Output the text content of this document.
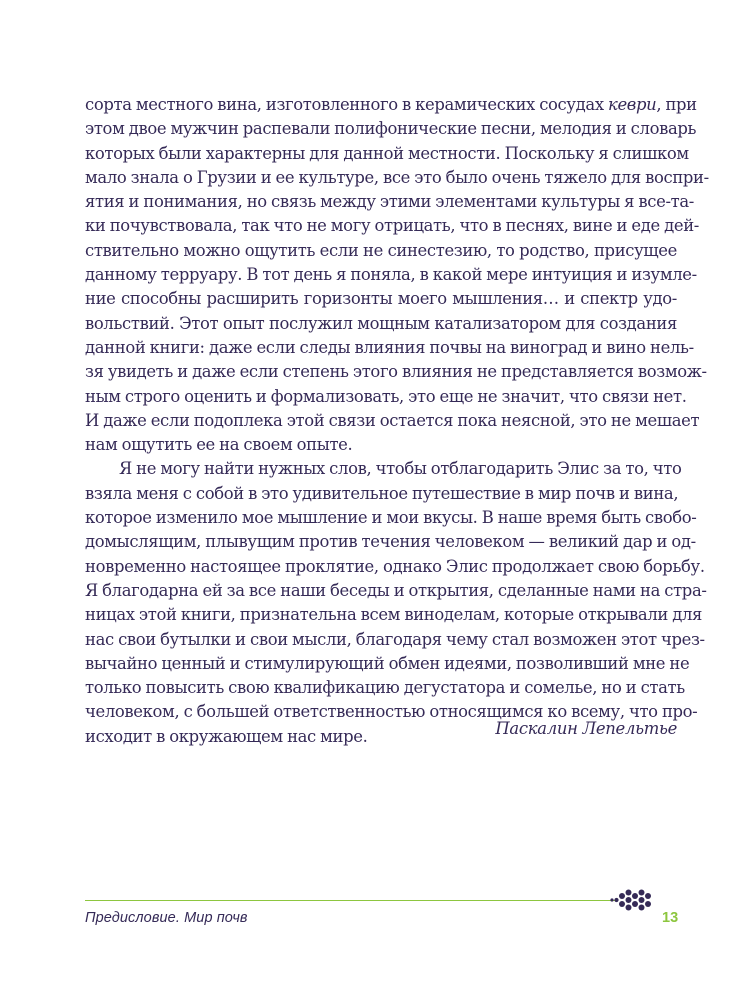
сорта местного вина, изготовленного в керамических сосудах кеври, при
этом двое мужчин распевали полифонические песни, мелодия и словарь
которых были характерны для данной местности. Поскольку я слишком
мало знала о Грузии и ее культуре, все это было очень тяжело для воспри-
ятия и понимания, но связь между этими элементами культуры я все-та-
ки почувствовала, так что не могу отрицать, что в песнях, вине и еде дей-
ствительно можно ощутить если не синестезию, то родство, присущее
данному терруару. В тот день я поняла, в какой мере интуиция и изумле-
ние способны расширить горизонты моего мышления… и спектр удо-
вольствий. Этот опыт послужил мощным катализатором для создания
данной книги: даже если следы влияния почвы на виноград и вино нель-
зя увидеть и даже если степень этого влияния не представляется возмож-
ным строго оценить и формализовать, это еще не значит, что связи нет.
И даже если подоплека этой связи остается пока неясной, это не мешает
нам ощутить ее на своем опыте.
Я не могу найти нужных слов, чтобы отблагодарить Элис за то, что
взяла меня с собой в это удивительное путешествие в мир почв и вина,
которое изменило мое мышление и мои вкусы. В наше время быть свобо-
домыслящим, плывущим против течения человеком — великий дар и од-
новременно настоящее проклятие, однако Элис продолжает свою борьбу.
Я благодарна ей за все наши беседы и открытия, сделанные нами на стра-
ницах этой книги, признательна всем виноделам, которые открывали для
нас свои бутылки и свои мысли, благодаря чему стал возможен этот чрез-
вычайно ценный и стимулирующий обмен идеями, позволивший мне не
только повысить свою квалификацию дегустатора и сомелье, но и стать
человеком, с большей ответственностью относящимся ко всему, что про-
исходит в окружающем нас мире.	Паскалин Лепельтье
Предисловие. Мир почв	13
